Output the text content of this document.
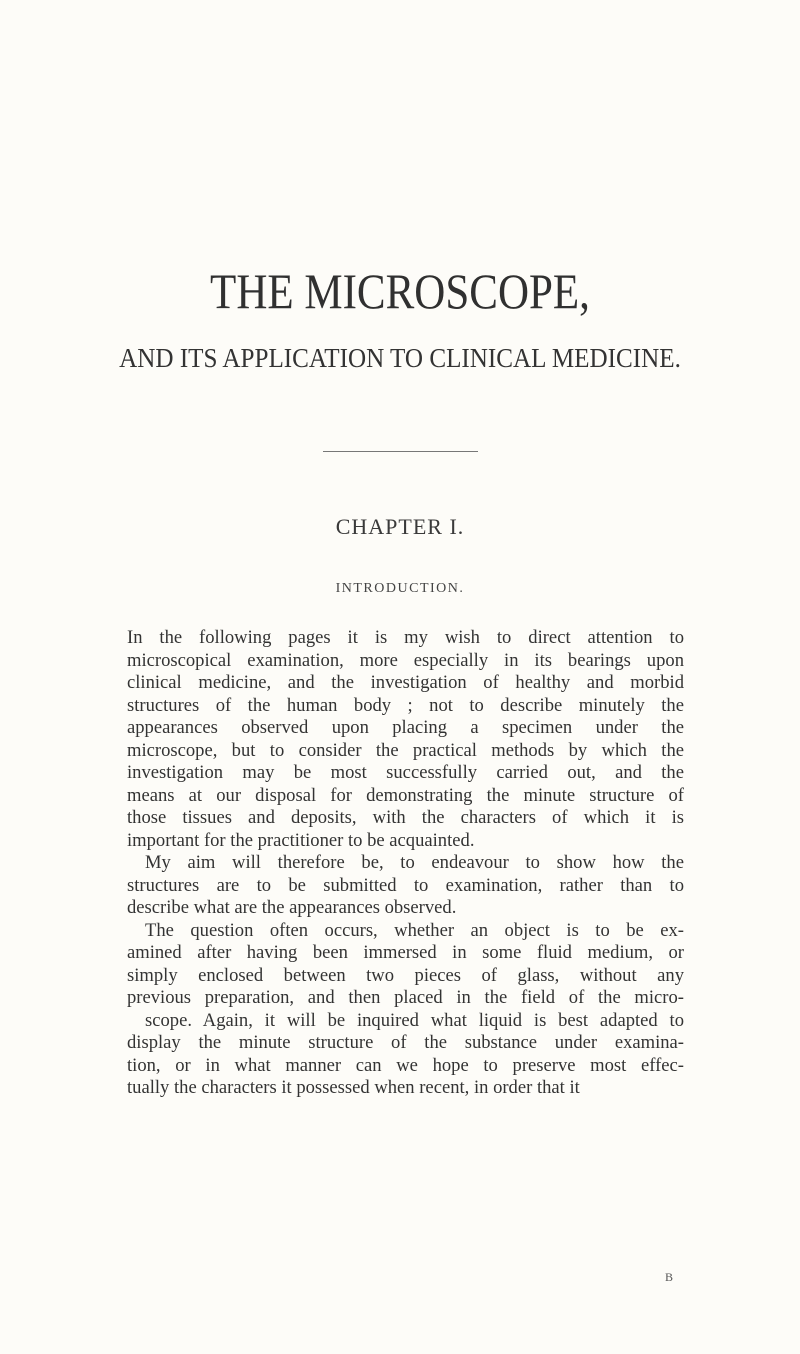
THE MICROSCOPE,
AND ITS APPLICATION TO CLINICAL MEDICINE.
CHAPTER I.
INTRODUCTION.
In the following pages it is my wish to direct attention to
microscopical examination, more especially in its bearings upon
clinical medicine, and the investigation of healthy and morbid
structures of the human body ; not to describe minutely the
appearances observed upon placing a specimen under the
microscope, but to consider the practical methods by which the
investigation may be most successfully carried out, and the
means at our disposal for demonstrating the minute structure of
those tissues and deposits, with the characters of which it is
important for the practitioner to be acquainted.
My aim will therefore be, to endeavour to show how the
structures are to be submitted to examination, rather than to
describe what are the appearances observed.
The question often occurs, whether an object is to be ex-
amined after having been immersed in some fluid medium, or
simply enclosed between two pieces of glass, without any
previous preparation, and then placed in the field of the micro-
scope. Again, it will be inquired what liquid is best adapted to
display the minute structure of the substance under examina-
tion, or in what manner can we hope to preserve most effec-
tually the characters it possessed when recent, in order that it
B
